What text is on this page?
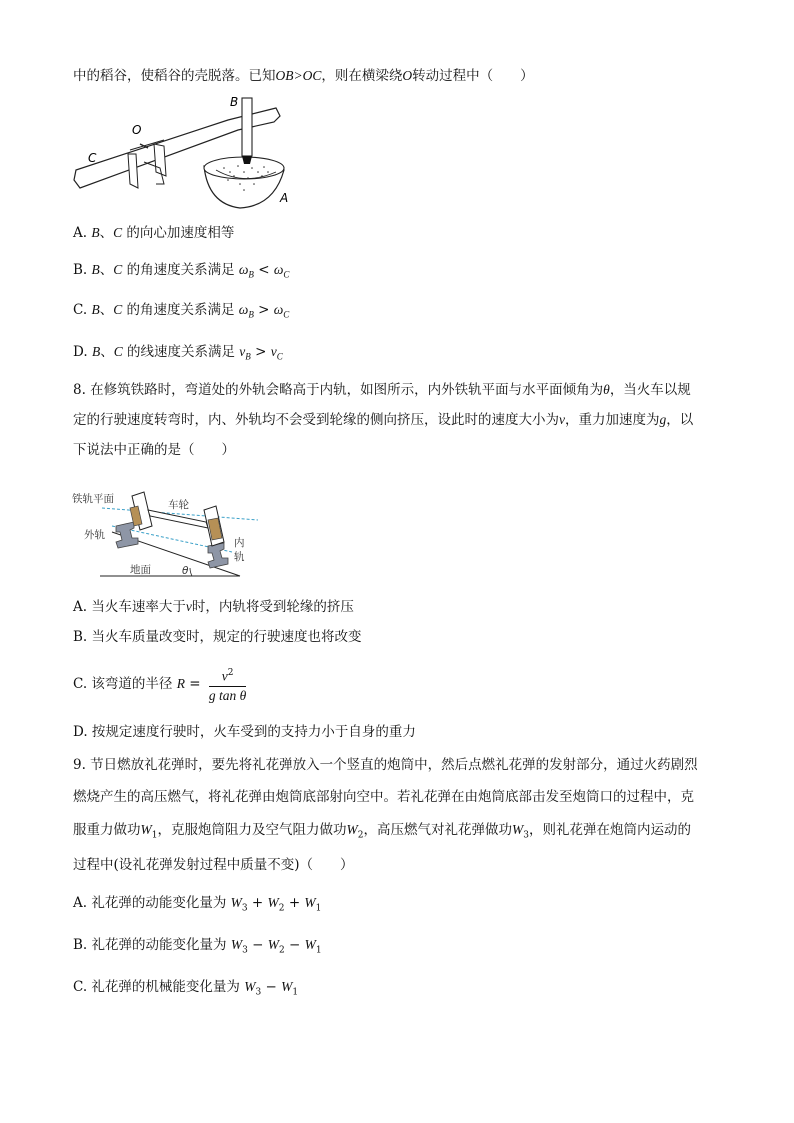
中的稻谷，使稻谷的壳脱落。已知OB>OC，则在横梁绕O转动过程中（　　）
B
O
C
A
A. B、C 的向心加速度相等
B. B、C 的角速度关系满足 $\omega_B < \omega_C$
C. B、C 的角速度关系满足 $\omega_B > \omega_C$
D. B、C 的线速度关系满足 $v_B > v_C$
8. 在修筑铁路时，弯道处的外轨会略高于内轨，如图所示，内外铁轨平面与水平面倾角为θ，当火车以规
定的行驶速度转弯时，内、外轨均不会受到轮缘的侧向挤压，设此时的速度大小为v，重力加速度为g，以
下说法中正确的是（　　）
铁轨平面	车轮
外轨
内
轨
地面	θ
A. 当火车速率大于v时，内轨将受到轮缘的挤压
B. 当火车质量改变时，规定的行驶速度也将改变
C. 该弯道的半径 $R = \frac{v^2}{\text{g tan θ}}$
D. 按规定速度行驶时，火车受到的支持力小于自身的重力
9. 节日燃放礼花弹时，要先将礼花弹放入一个竖直的炮筒中，然后点燃礼花弹的发射部分，通过火药剧烈
燃烧产生的高压燃气，将礼花弹由炮筒底部射向空中。若礼花弹在由炮筒底部击发至炮筒口的过程中，克
服重力做功$W_1$，克服炮筒阻力及空气阻力做功$W_2$，高压燃气对礼花弹做功$W_3$，则礼花弹在炮筒内运动的
过程中(设礼花弹发射过程中质量不变)（　　）
A. 礼花弹的动能变化量为 $W_3 + W_2 + W_1$
B. 礼花弹的动能变化量为 $W_3 - W_2 - W_1$
C. 礼花弹的机械能变化量为 $W_3 - W_1$
